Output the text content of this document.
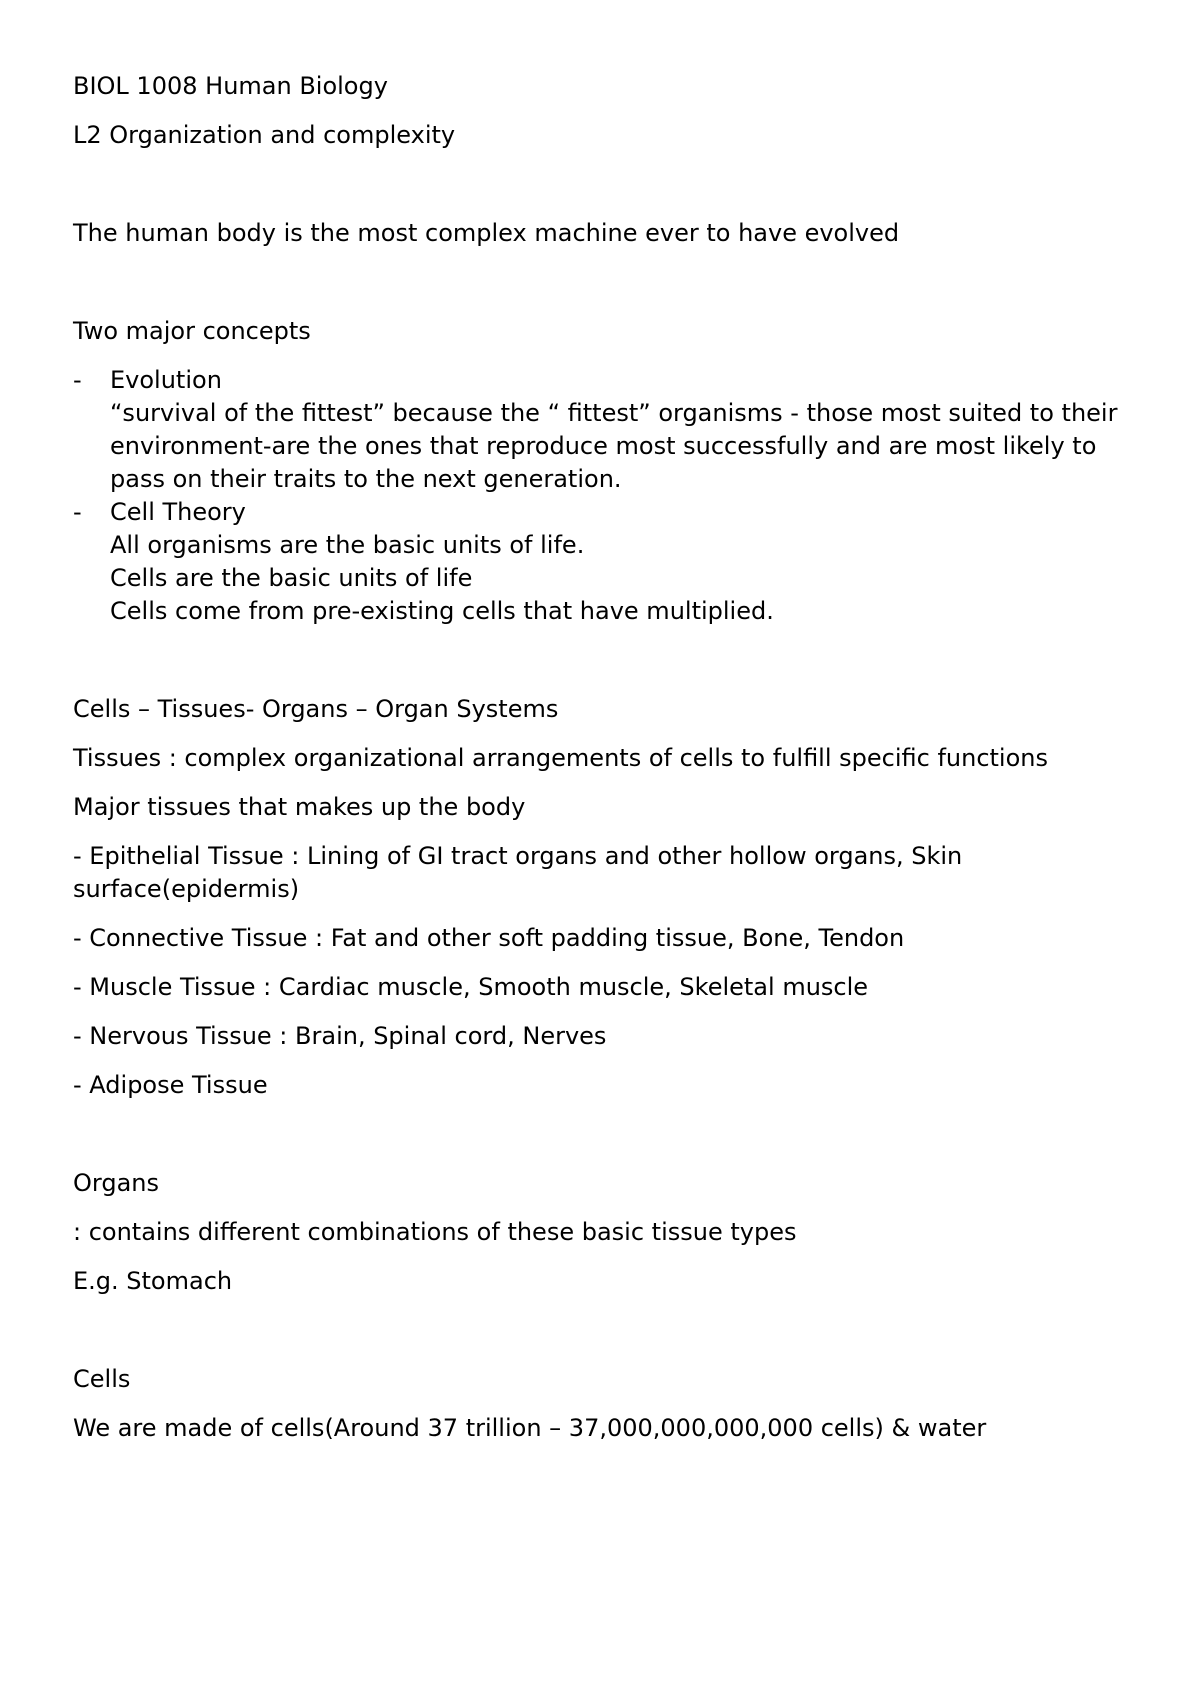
BIOL 1008 Human Biology
L2 Organization and complexity
The human body is the most complex machine ever to have evolved
Two major concepts
- Evolution
“survival of the fittest” because the “ fittest” organisms - those most suited to their
environment-are the ones that reproduce most successfully and are most likely to
pass on their traits to the next generation.
- Cell Theory
All organisms are the basic units of life.
Cells are the basic units of life
Cells come from pre-existing cells that have multiplied.
Cells – Tissues- Organs – Organ Systems
Tissues : complex organizational arrangements of cells to fulfill specific functions
Major tissues that makes up the body
- Epithelial Tissue : Lining of GI tract organs and other hollow organs, Skin
surface(epidermis)
- Connective Tissue : Fat and other soft padding tissue, Bone, Tendon
- Muscle Tissue : Cardiac muscle, Smooth muscle, Skeletal muscle
- Nervous Tissue : Brain, Spinal cord, Nerves
- Adipose Tissue
Organs
: contains different combinations of these basic tissue types
E.g. Stomach
Cells
We are made of cells(Around 37 trillion – 37,000,000,000,000 cells) & water
